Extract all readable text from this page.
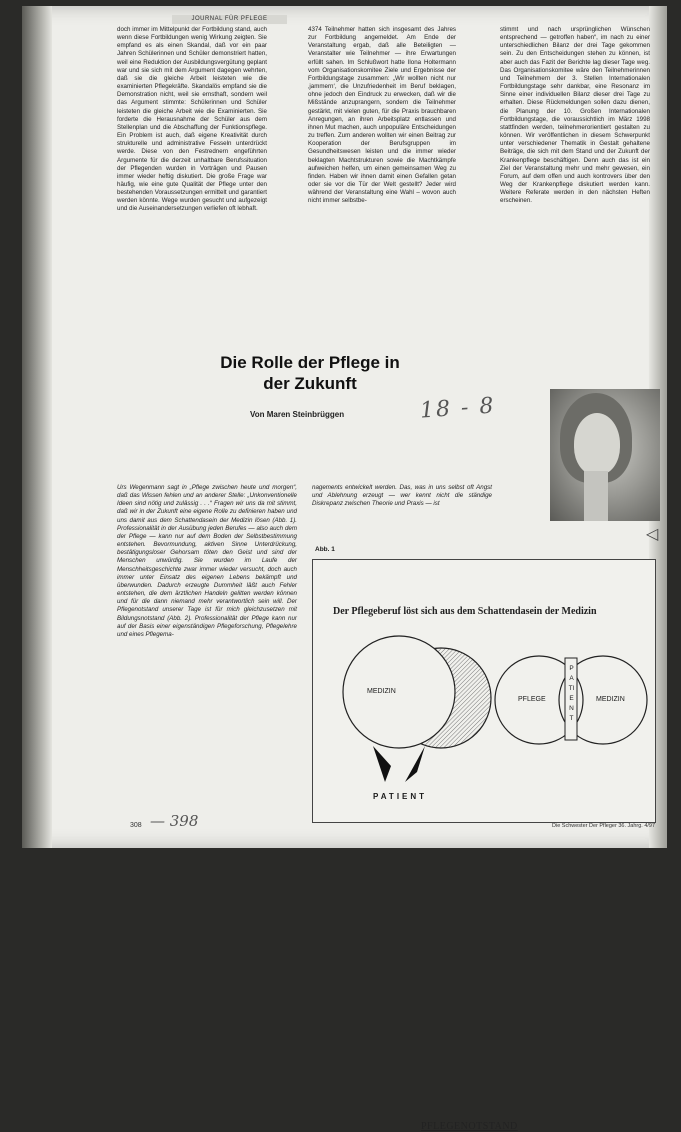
JOURNAL FÜR PFLEGE

doch immer im Mittelpunkt der Fortbildung stand, auch wenn diese Fortbildungen wenig Wirkung zeigten. Sie empfand es als einen Skandal, daß vor ein paar Jahren Schülerinnen und Schüler demonstriert hatten, weil eine Reduktion der Ausbildungsvergütung geplant war und sie sich mit dem Argument dagegen wehrten, daß sie die gleiche Arbeit leisteten wie die examinierten Pflegekräfte. Skandalös empfand sie die Demonstration nicht, weil sie ernsthaft, sondern weil das Argument stimmte: Schülerinnen und Schüler leisteten die gleiche Arbeit wie die Examinierten. Sie forderte die Herausnahme der Schüler aus dem Stellenplan und die Abschaffung der Funktionspflege. Ein Problem ist auch, daß eigene Kreativität durch strukturelle und administrative Fesseln unterdrückt werde. Diese von den Festrednern engeführten Argumente für die derzeit unhaltbare Berufssituation der Pflegenden wurden in Vorträgen und Pausen immer wieder heftig diskutiert. Die große Frage war häufig, wie eine gute Qualität der Pflege unter den bestehenden Voraussetzungen ermittelt und garantiert werden könnte. Wege wurden gesucht und aufgezeigt und die Auseinandersetzungen verliefen oft lebhaft.

4374 Teilnehmer hatten sich insgesamt des Jahres zur Fortbildung angemeldet. Am Ende der Veranstaltung ergab, daß alle Beteiligten — Veranstalter wie Teilnehmer — ihre Erwartungen erfüllt sahen. Im Schlußwort hatte Ilona Holtermann vom Organisationskomitee Ziele und Ergebnisse der Fortbildungstage zusammen: „Wir wollten nicht nur ‚jammern‘, die Unzufriedenheit im Beruf beklagen, ohne jedoch den Eindruck zu erwecken, daß wir die Mißstände anzuprangern, sondern die Teilnehmer gestärkt, mit vielen guten, für die Praxis brauchbaren Anregungen, an ihren Arbeitsplatz entlassen und ihnen Mut machen, auch unpopuläre Entscheidungen zu treffen. Zum anderen wollten wir einen Beitrag zur Kooperation der Berufsgruppen im Gesundheitswesen leisten und die immer wieder beklagten Machtstrukturen sowie die Machtkämpfe aufweichen helfen, um einen gemeinsamen Weg zu finden. Haben wir ihnen damit einen Gefallen getan oder sie vor die Tür der Welt gestellt? Jeder wird während der Veranstaltung eine Wahl – wovon auch nicht immer selbstbe-

stimmt und nach ursprünglichen Wünschen entsprechend — getroffen haben“, im nach zu einer unterschiedlichen Bilanz der drei Tage gekommen sein. Zu den Entscheidungen stehen zu können, ist aber auch das Fazit der Berichte lag dieser Tage weg. Das Organisationskomitee wäre den Teilnehmerinnen und Teilnehmern der 3. Stellen Internationalen Fortbildungstage sehr dankbar, eine Resonanz im Sinne einer individuellen Bilanz dieser drei Tage zu erhalten. Diese Rückmeldungen sollen dazu dienen, die Planung der 10. Großen Internationalen Fortbildungstage, die voraussichtlich im März 1998 stattfinden werden, teilnehmerorientiert gestalten zu können. Wir veröffentlichen in diesem Schwerpunkt unter verschiedener Thematik in Gestalt gehaltene Beiträge, die sich mit dem Stand und der Zukunft der Krankenpflege beschäftigen. Denn auch das ist ein Ziel der Veranstaltung mehr und mehr gewesen, ein Forum, auf dem offen und auch kontrovers über den Weg der Krankenpflege diskutiert werden kann. Weitere Referate werden in den nächsten Heften erscheinen.

Die Rolle der Pflege in der Zukunft
Von Maren Steinbrüggen	18 - 8
◁

Urs Wegenmann sagt in „Pflege zwischen heute und morgen“, daß das Wissen fehlen und an anderer Stelle: „Unkonventionelle Ideen sind nötig und zulässig . . .“ Fragen wir uns da mit stimmt, daß wir in der Zukunft eine eigene Rolle zu definieren haben und uns damit aus dem Schattendasein der Medizin lösen (Abb. 1). Professionalität in der Ausübung jeden Berufes — also auch dem der Pflege — kann nur auf dem Boden der Selbstbestimmung entstehen. Bevormundung, aktiven Sinne Unterdrückung, bestätigungsloser Gehorsam töten den Geist und sind der Menschen unwürdig. Sie wurden im Laufe der Menschheitsgeschichte zwar immer wieder versucht, doch auch immer unter Einsatz des eigenen Lebens bekämpft und überwunden. Dadurch erzeugte Dummheit läßt auch Fehler entstehen, die dem ärztlichen Handeln gelitten werden können und für die dann niemand mehr verantwortlich sein will. Der Pflegenotstand unserer Tage ist für mich gleichzusetzen mit Bildungsnotstand (Abb. 2). Professionalität der Pflege kann nur auf der Basis einer eigenständigen Pflegeforschung, Pflegelehre und eines Pflegema-

nagements entwickelt werden. Das, was in uns selbst oft Angst und Ablehnung erzeugt — wer kennt nicht die ständige Diskrepanz zwischen Theorie und Praxis — ist

Abb. 1
PFLEGENOTSTAND
Der Pflegeberuf löst sich aus dem Schattendasein der Medizin
MEDIZIN
PATIENT
PFLEGE	MEDIZIN
PATIENT
308 — 398	Die Schwester Der Pfleger 36. Jahrg. 4/97
